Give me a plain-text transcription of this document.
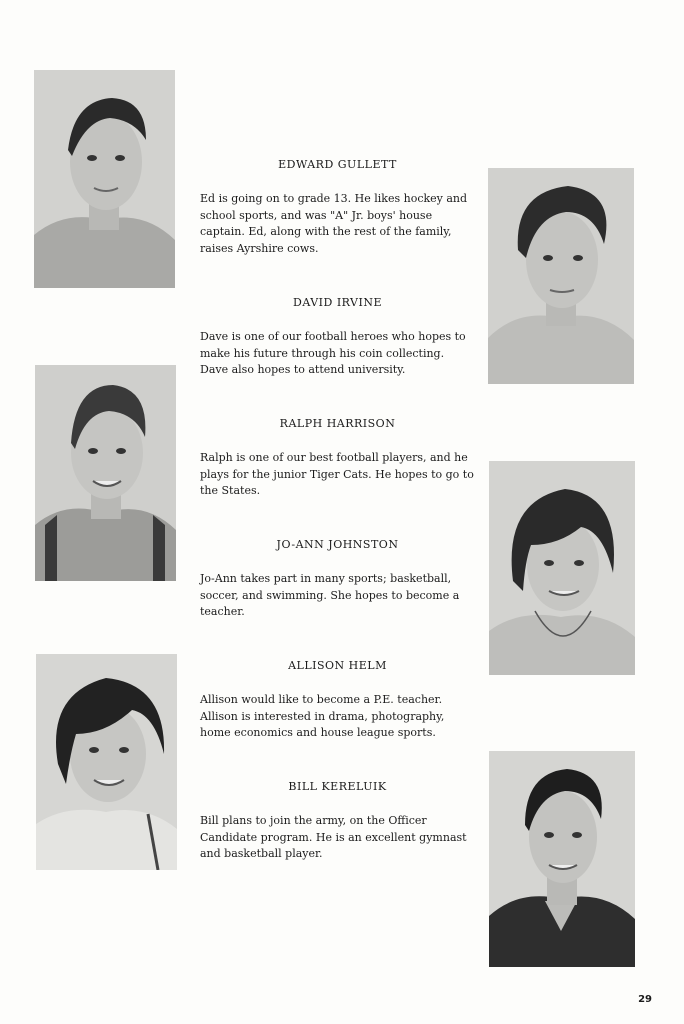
EDWARD GULLETT

Ed is going on to grade 13. He likes hockey and school sports, and was "A" Jr. boys' house captain. Ed, along with the rest of the family, raises Ayrshire cows.

DAVID IRVINE

Dave is one of our football heroes who hopes to make his future through his coin collecting. Dave also hopes to attend university.

RALPH HARRISON

Ralph is one of our best football players, and he plays for the junior Tiger Cats. He hopes to go to the States.

JO-ANN JOHNSTON

Jo-Ann takes part in many sports; basketball, soccer, and swimming. She hopes to become a teacher.

ALLISON HELM

Allison would like to become a P.E. teacher. Allison is interested in drama, photography, home economics and house league sports.

BILL KERELUIK

Bill plans to join the army, on the Officer Candidate program. He is an excellent gymnast and basketball player.

29
